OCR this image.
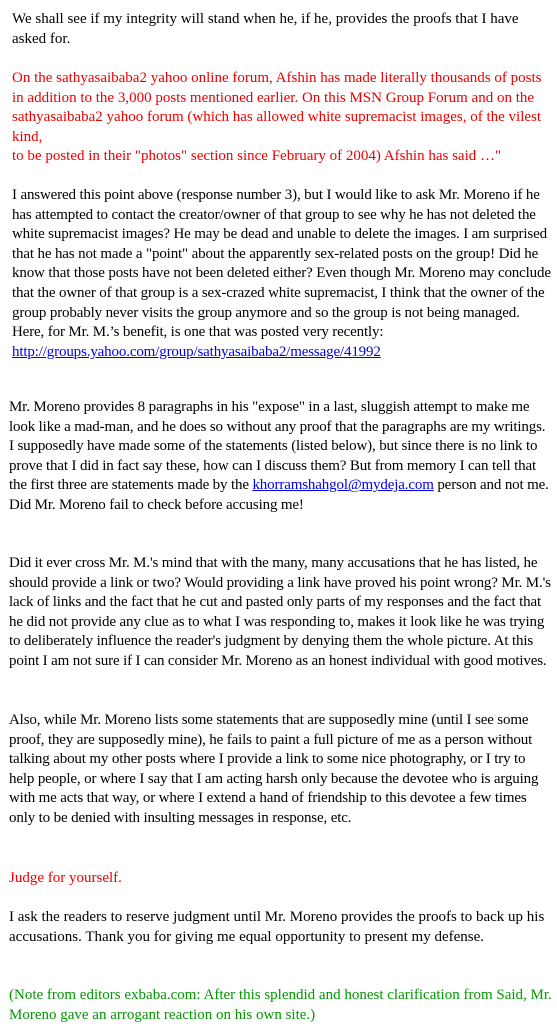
We shall see if my integrity will stand when he, if he, provides the proofs that I have asked for.

On the sathyasaibaba2 yahoo online forum, Afshin has made literally thousands of posts in addition to the 3,000 posts mentioned earlier. On this MSN Group Forum and on the sathyasaibaba2 yahoo forum (which has allowed white supremacist images, of the vilest kind,
to be posted in their "photos" section since February of 2004) Afshin has said …"

I answered this point above (response number 3), but I would like to ask Mr. Moreno if he has attempted to contact the creator/owner of that group to see why he has not deleted the white supremacist images? He may be dead and unable to delete the images. I am surprised that he has not made a "point" about the apparently sex-related posts on the group! Did he know that those posts have not been deleted either? Even though Mr. Moreno may conclude that the owner of that group is a sex-crazed white supremacist, I think that the owner of the group probably never visits the group anymore and so the group is not being managed. Here, for Mr. M.’s benefit, is one that was posted very recently: http://groups.yahoo.com/group/sathyasaibaba2/message/41992

Mr. Moreno provides 8 paragraphs in his "expose" in a last, sluggish attempt to make me look like a mad-man, and he does so without any proof that the paragraphs are my writings. I supposedly have made some of the statements (listed below), but since there is no link to prove that I did in fact say these, how can I discuss them? But from memory I can tell that the first three are statements made by the khorramshahgol@mydeja.com person and not me. Did Mr. Moreno fail to check before accusing me!

Did it ever cross Mr. M.'s mind that with the many, many accusations that he has listed, he should provide a link or two? Would providing a link have proved his point wrong? Mr. M.'s lack of links and the fact that he cut and pasted only parts of my responses and the fact that he did not provide any clue as to what I was responding to, makes it look like he was trying to deliberately influence the reader's judgment by denying them the whole picture. At this point I am not sure if I can consider Mr. Moreno as an honest individual with good motives.

Also, while Mr. Moreno lists some statements that are supposedly mine (until I see some proof, they are supposedly mine), he fails to paint a full picture of me as a person without talking about my other posts where I provide a link to some nice photography, or I try to help people, or where I say that I am acting harsh only because the devotee who is arguing with me acts that way, or where I extend a hand of friendship to this devotee a few times only to be denied with insulting messages in response, etc.

Judge for yourself.

I ask the readers to reserve judgment until Mr. Moreno provides the proofs to back up his accusations. Thank you for giving me equal opportunity to present my defense.

(Note from editors exbaba.com: After this splendid and honest clarification from Said, Mr. Moreno gave an arrogant reaction on his own site.)
